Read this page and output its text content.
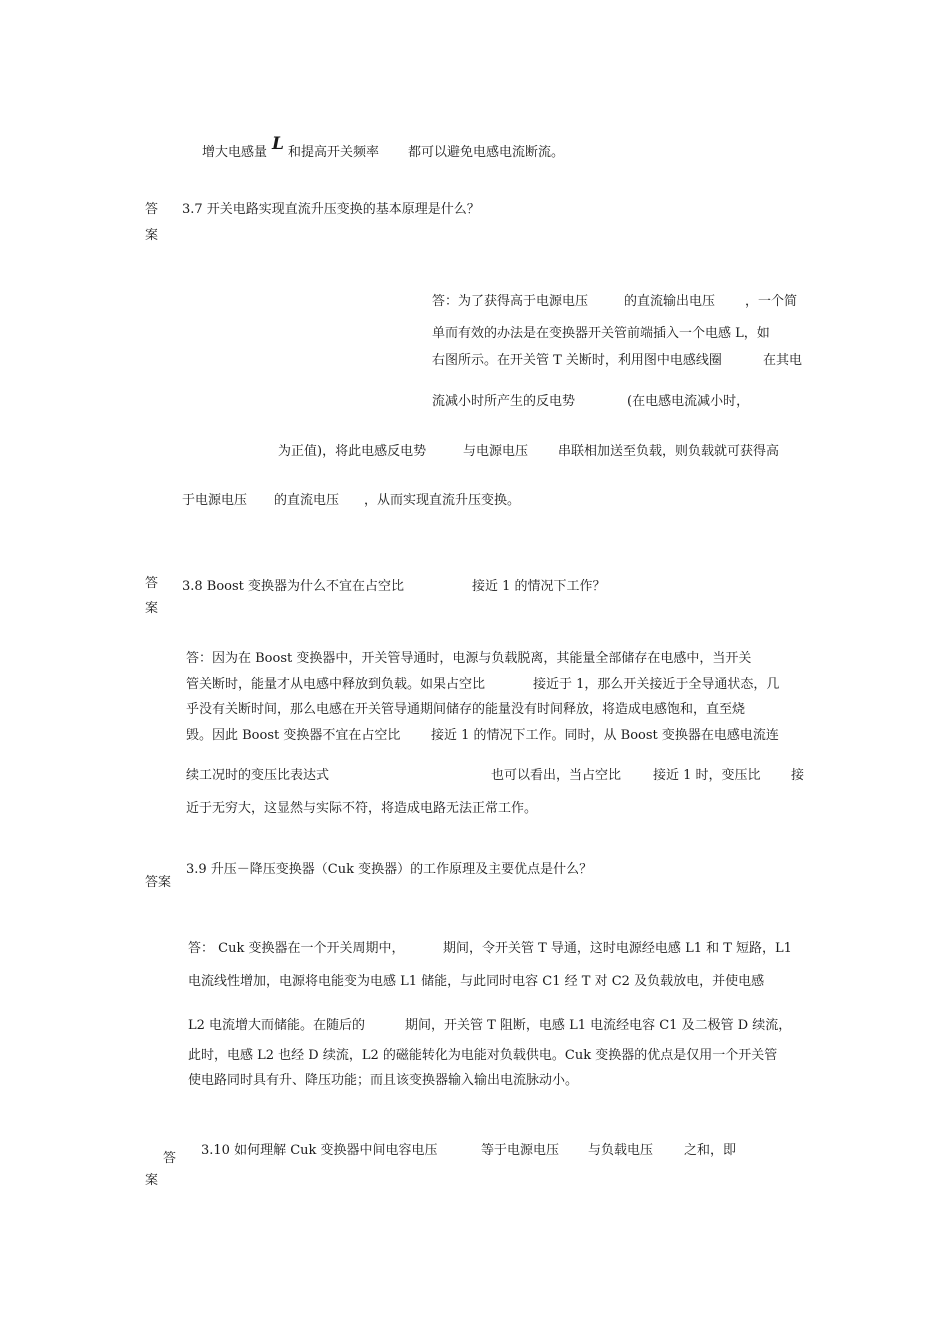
增大电感量 L 和提高开关频率 都可以避免电感电流断流。
答
案
3.7 开关电路实现直流升压变换的基本原理是什么？
答：为了获得高于电源电压	的直流输出电压 ，一个简
单而有效的办法是在变换器开关管前端插入一个电感 L，如
右图所示。在开关管 T 关断时，利用图中电感线圈	在其电
流减小时所产生的反电势	(在电感电流减小时，
为正值)，将此电感反电势	与电源电压 串联相加送至负载，则负载就可获得高
于电源电压 的直流电压 ，从而实现直流升压变换。
答
案
3.8 Boost 变换器为什么不宜在占空比	接近 1 的情况下工作？
答：因为在 Boost 变换器中，开关管导通时，电源与负载脱离，其能量全部储存在电感中，当开关
管关断时，能量才从电感中释放到负载。如果占空比	接近于 1，那么开关接近于全导通状态，几
乎没有关断时间，那么电感在开关管导通期间储存的能量没有时间释放，将造成电感饱和，直至烧
毁。因此 Boost 变换器不宜在占空比 接近 1 的情况下工作。同时，从 Boost 变换器在电感电流连
续工况时的变压比表达式	也可以看出，当占空比 接近 1 时，变压比 接
近于无穷大，这显然与实际不符，将造成电路无法正常工作。
答案
3.9 升压－降压变换器（Cuk 变换器）的工作原理及主要优点是什么？
答： Cuk 变换器在一个开关周期中，	期间，令开关管 T 导通，这时电源经电感 L1 和 T 短路，L1
电流线性增加，电源将电能变为电感 L1 储能，与此同时电容 C1 经 T 对 C2 及负载放电，并使电感
L2 电流增大而储能。在随后的	期间，开关管 T 阻断，电感 L1 电流经电容 C1 及二极管 D 续流，
此时，电感 L2 也经 D 续流，L2 的磁能转化为电能对负载供电。Cuk 变换器的优点是仅用一个开关管
使电路同时具有升、降压功能；而且该变换器输入输出电流脉动小。
答
案
3.10 如何理解 Cuk 变换器中间电容电压	等于电源电压 与负载电压 之和，即
